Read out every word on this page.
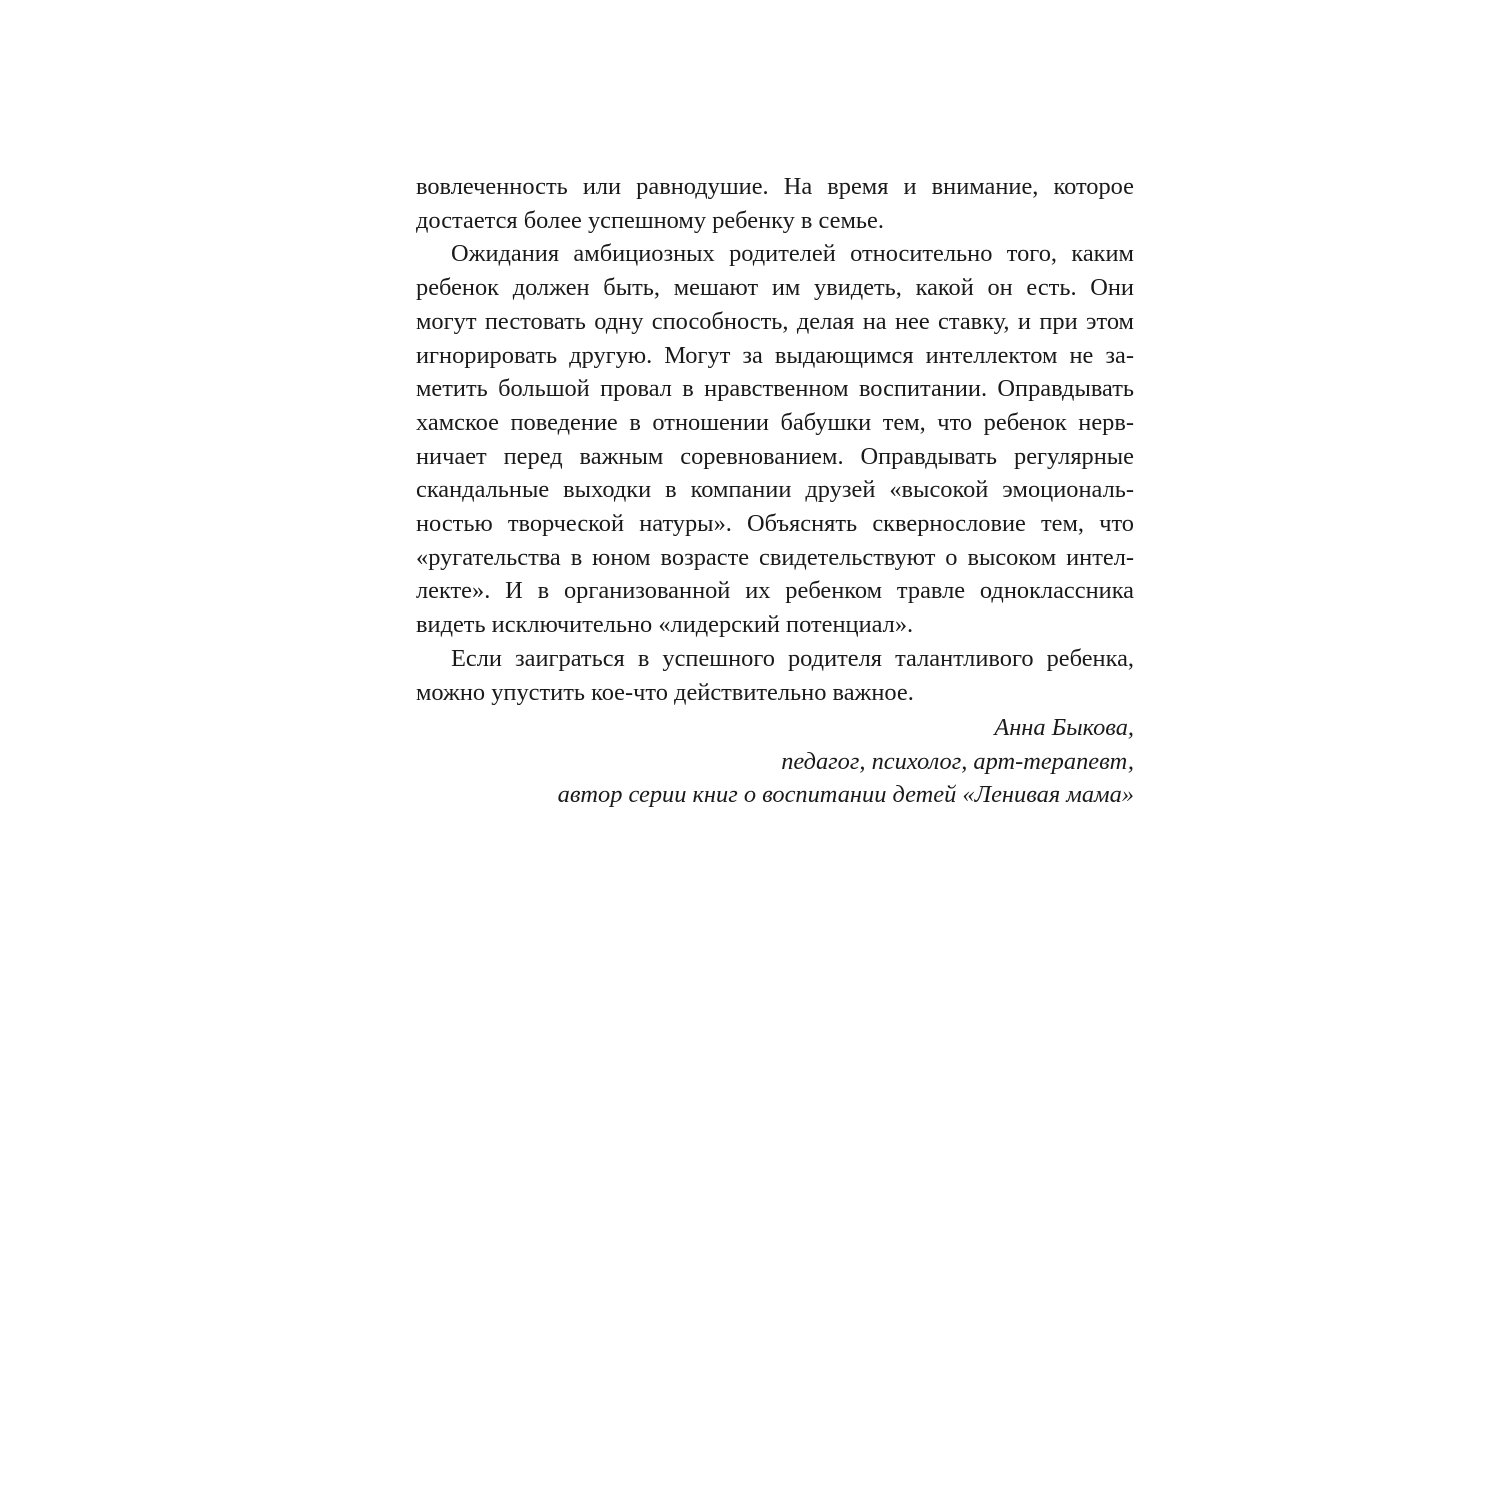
вовлеченность или равнодушие. На время и внимание, которое
достается более успешному ребенку в семье.
Ожидания амбициозных родителей относительно того, каким
ребенок должен быть, мешают им увидеть, какой он есть. Они
могут пестовать одну способность, делая на нее ставку, и при этом
игнорировать другую. Могут за выдающимся интеллектом не за-
метить большой провал в нравственном воспитании. Оправдывать
хамское поведение в отношении бабушки тем, что ребенок нерв-
ничает перед важным соревнованием. Оправдывать регулярные
скандальные выходки в компании друзей «высокой эмоциональ-
ностью творческой натуры». Объяснять сквернословие тем, что
«ругательства в юном возрасте свидетельствуют о высоком интел-
лекте». И в организованной их ребенком травле одноклассника
видеть исключительно «лидерский потенциал».
Если заиграться в успешного родителя талантливого ребенка,
можно упустить кое-что действительно важное.
Анна Быкова,
педагог, психолог, арт-терапевт,
автор серии книг о воспитании детей «Ленивая мама»
